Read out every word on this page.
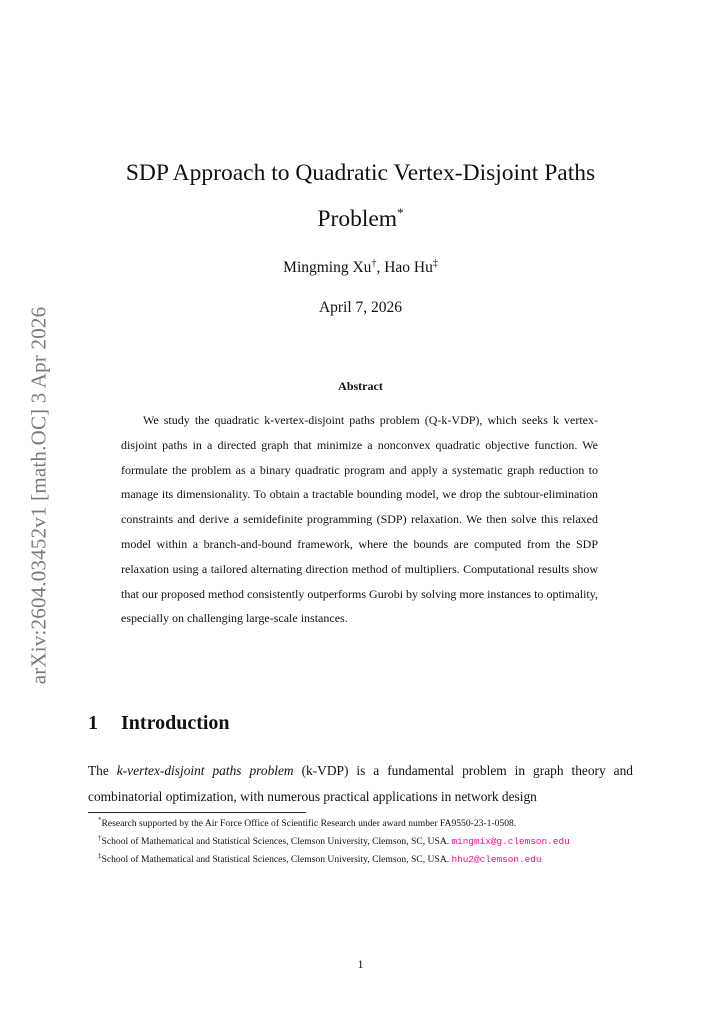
arXiv:2604.03452v1 [math.OC] 3 Apr 2026
SDP Approach to Quadratic Vertex-Disjoint Paths
Problem*
Mingming Xu†, Hao Hu‡
April 7, 2026
Abstract

We study the quadratic k-vertex-disjoint paths problem (Q-k-VDP), which seeks k vertex-disjoint paths in a directed graph that minimize a nonconvex quadratic objective function. We formulate the problem as a binary quadratic program and apply a systematic graph reduction to manage its dimensionality. To obtain a tractable bounding model, we drop the subtour-elimination constraints and derive a semidefinite programming (SDP) relaxation. We then solve this relaxed model within a branch-and-bound framework, where the bounds are computed from the SDP relaxation using a tailored alternating direction method of multipliers. Computational results show that our proposed method consistently outperforms Gurobi by solving more instances to optimality, especially on challenging large-scale instances.

1 Introduction

The k-vertex-disjoint paths problem (k-VDP) is a fundamental problem in graph theory and combinatorial optimization, with numerous practical applications in network design

*Research supported by the Air Force Office of Scientific Research under award number FA9550-23-1-0508.

†School of Mathematical and Statistical Sciences, Clemson University, Clemson, SC, USA. mingmix@g.clemson.edu

‡School of Mathematical and Statistical Sciences, Clemson University, Clemson, SC, USA. hhu2@clemson.edu

1
